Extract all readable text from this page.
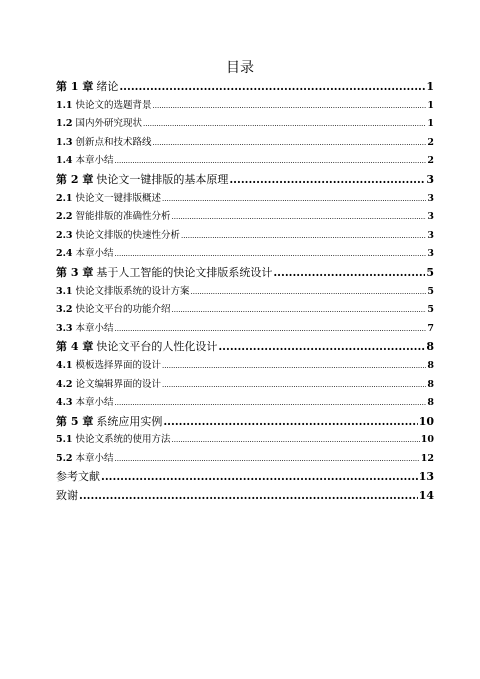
目录
第 1 章 绪论 .....	1
1.1 快论文的选题背景 .....	1
1.2 国内外研究现状 .....	1
1.3 创新点和技术路线 .....	2
1.4 本章小结 .....	2
第 2 章 快论文一键排版的基本原理 .....	3
2.1 快论文一键排版概述 .....	3
2.2 智能排版的准确性分析 .....	3
2.3 快论文排版的快速性分析 .....	3
2.4 本章小结 .....	3
第 3 章 基于人工智能的快论文排版系统设计 .....	5
3.1 快论文排版系统的设计方案 .....	5
3.2 快论文平台的功能介绍 .....	5
3.3 本章小结 .....	7
第 4 章 快论文平台的人性化设计 .....	8
4.1 模板选择界面的设计 .....	8
4.2 论文编辑界面的设计 .....	8
4.3 本章小结 .....	8
第 5 章 系统应用实例 .....	10
5.1 快论文系统的使用方法 .....	10
5.2 本章小结 .....	12
参考文献 .....	13
致谢 .....	14
